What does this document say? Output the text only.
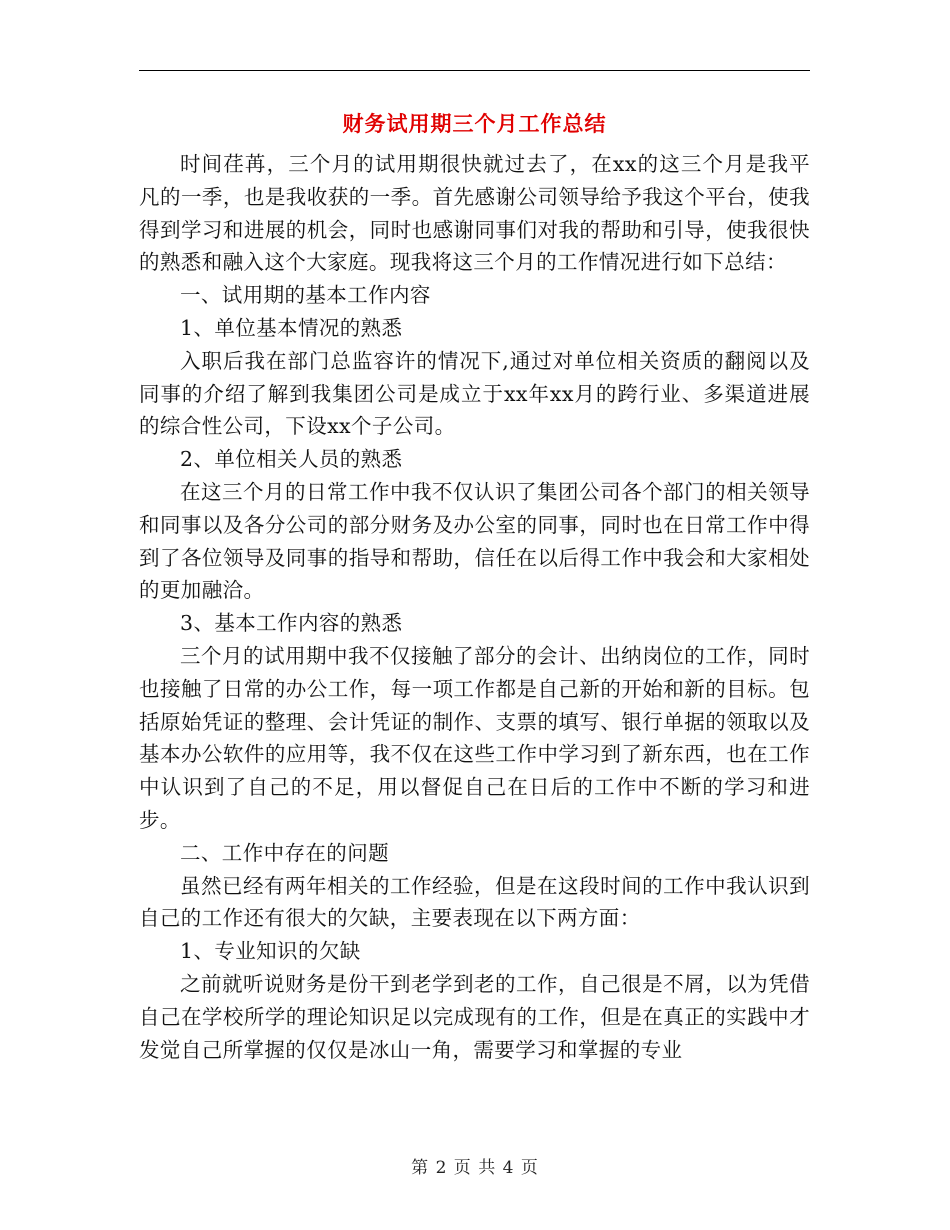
财务试用期三个月工作总结

时间荏苒，三个月的试用期很快就过去了，在xx的这三个月是我平凡的一季，也是我收获的一季。首先感谢公司领导给予我这个平台，使我得到学习和进展的机会，同时也感谢同事们对我的帮助和引导，使我很快的熟悉和融入这个大家庭。现我将这三个月的工作情况进行如下总结：

一、试用期的基本工作内容

1、单位基本情况的熟悉

入职后我在部门总监容许的情况下,通过对单位相关资质的翻阅以及同事的介绍了解到我集团公司是成立于xx年xx月的跨行业、多渠道进展的综合性公司，下设xx个子公司。

2、单位相关人员的熟悉

在这三个月的日常工作中我不仅认识了集团公司各个部门的相关领导和同事以及各分公司的部分财务及办公室的同事，同时也在日常工作中得到了各位领导及同事的指导和帮助，信任在以后得工作中我会和大家相处的更加融洽。

3、基本工作内容的熟悉

三个月的试用期中我不仅接触了部分的会计、出纳岗位的工作，同时也接触了日常的办公工作，每一项工作都是自己新的开始和新的目标。包括原始凭证的整理、会计凭证的制作、支票的填写、银行单据的领取以及基本办公软件的应用等，我不仅在这些工作中学习到了新东西，也在工作中认识到了自己的不足，用以督促自己在日后的工作中不断的学习和进步。

二、工作中存在的问题

虽然已经有两年相关的工作经验，但是在这段时间的工作中我认识到自己的工作还有很大的欠缺，主要表现在以下两方面：

1、专业知识的欠缺

之前就听说财务是份干到老学到老的工作，自己很是不屑，以为凭借自己在学校所学的理论知识足以完成现有的工作，但是在真正的实践中才发觉自己所掌握的仅仅是冰山一角，需要学习和掌握的专业

第 2 页 共 4 页
